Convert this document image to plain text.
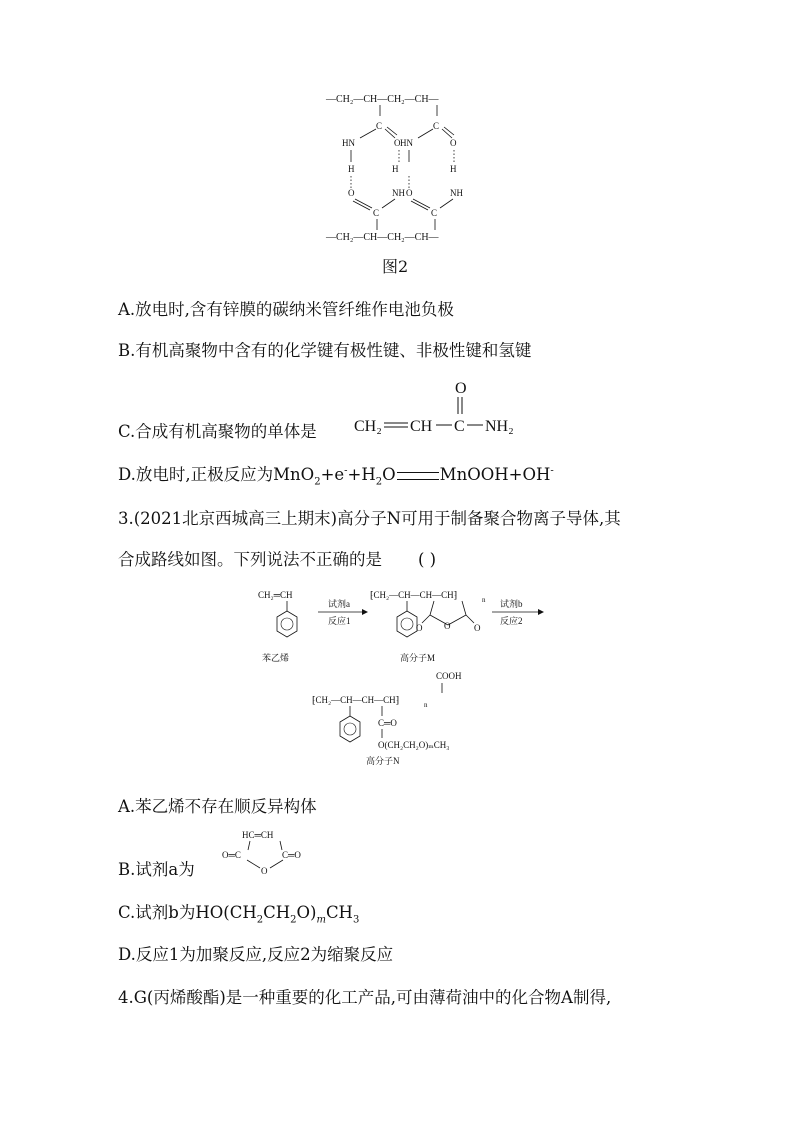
—CH₂—CH—CH₂—CH—
C
HN	O
H	H
C
HN	O
H
O	NH O	NH
C	C
—CH₂—CH—CH₂—CH—
图2
A.放电时,含有锌膜的碳纳米管纤维作电池负极
B.有机高聚物中含有的化学键有极性键、非极性键和氢键
C.合成有机高聚物的单体是
O
CH₂ CH C NH₂
D.放电时,正极反应为$MnO_2+e^-+H_2O$	MnOOH+OH-
3.(2021北京西城高三上期末)高分子N可用于制备聚合物离子导体,其
合成路线如图。下列说法不正确的是 ( )
CH₂═CH
苯乙烯
试剂a
反应1
⁅CH₂—CH—CH—CH⁆	n
O
O	O
高分子M
试剂b
反应2
COOH
⁅CH₂—CH—CH—CH⁆	n
C═O
O(CH₂CH₂O)ₘCH₃
高分子N
A.苯乙烯不存在顺反异构体
B.试剂a为
HC═CH
O═C	C═O
O
C.试剂b为$HO(CH_2CH_2O)_mCH_3$
D.反应1为加聚反应,反应2为缩聚反应
4.G(丙烯酸酯)是一种重要的化工产品,可由薄荷油中的化合物A制得,
